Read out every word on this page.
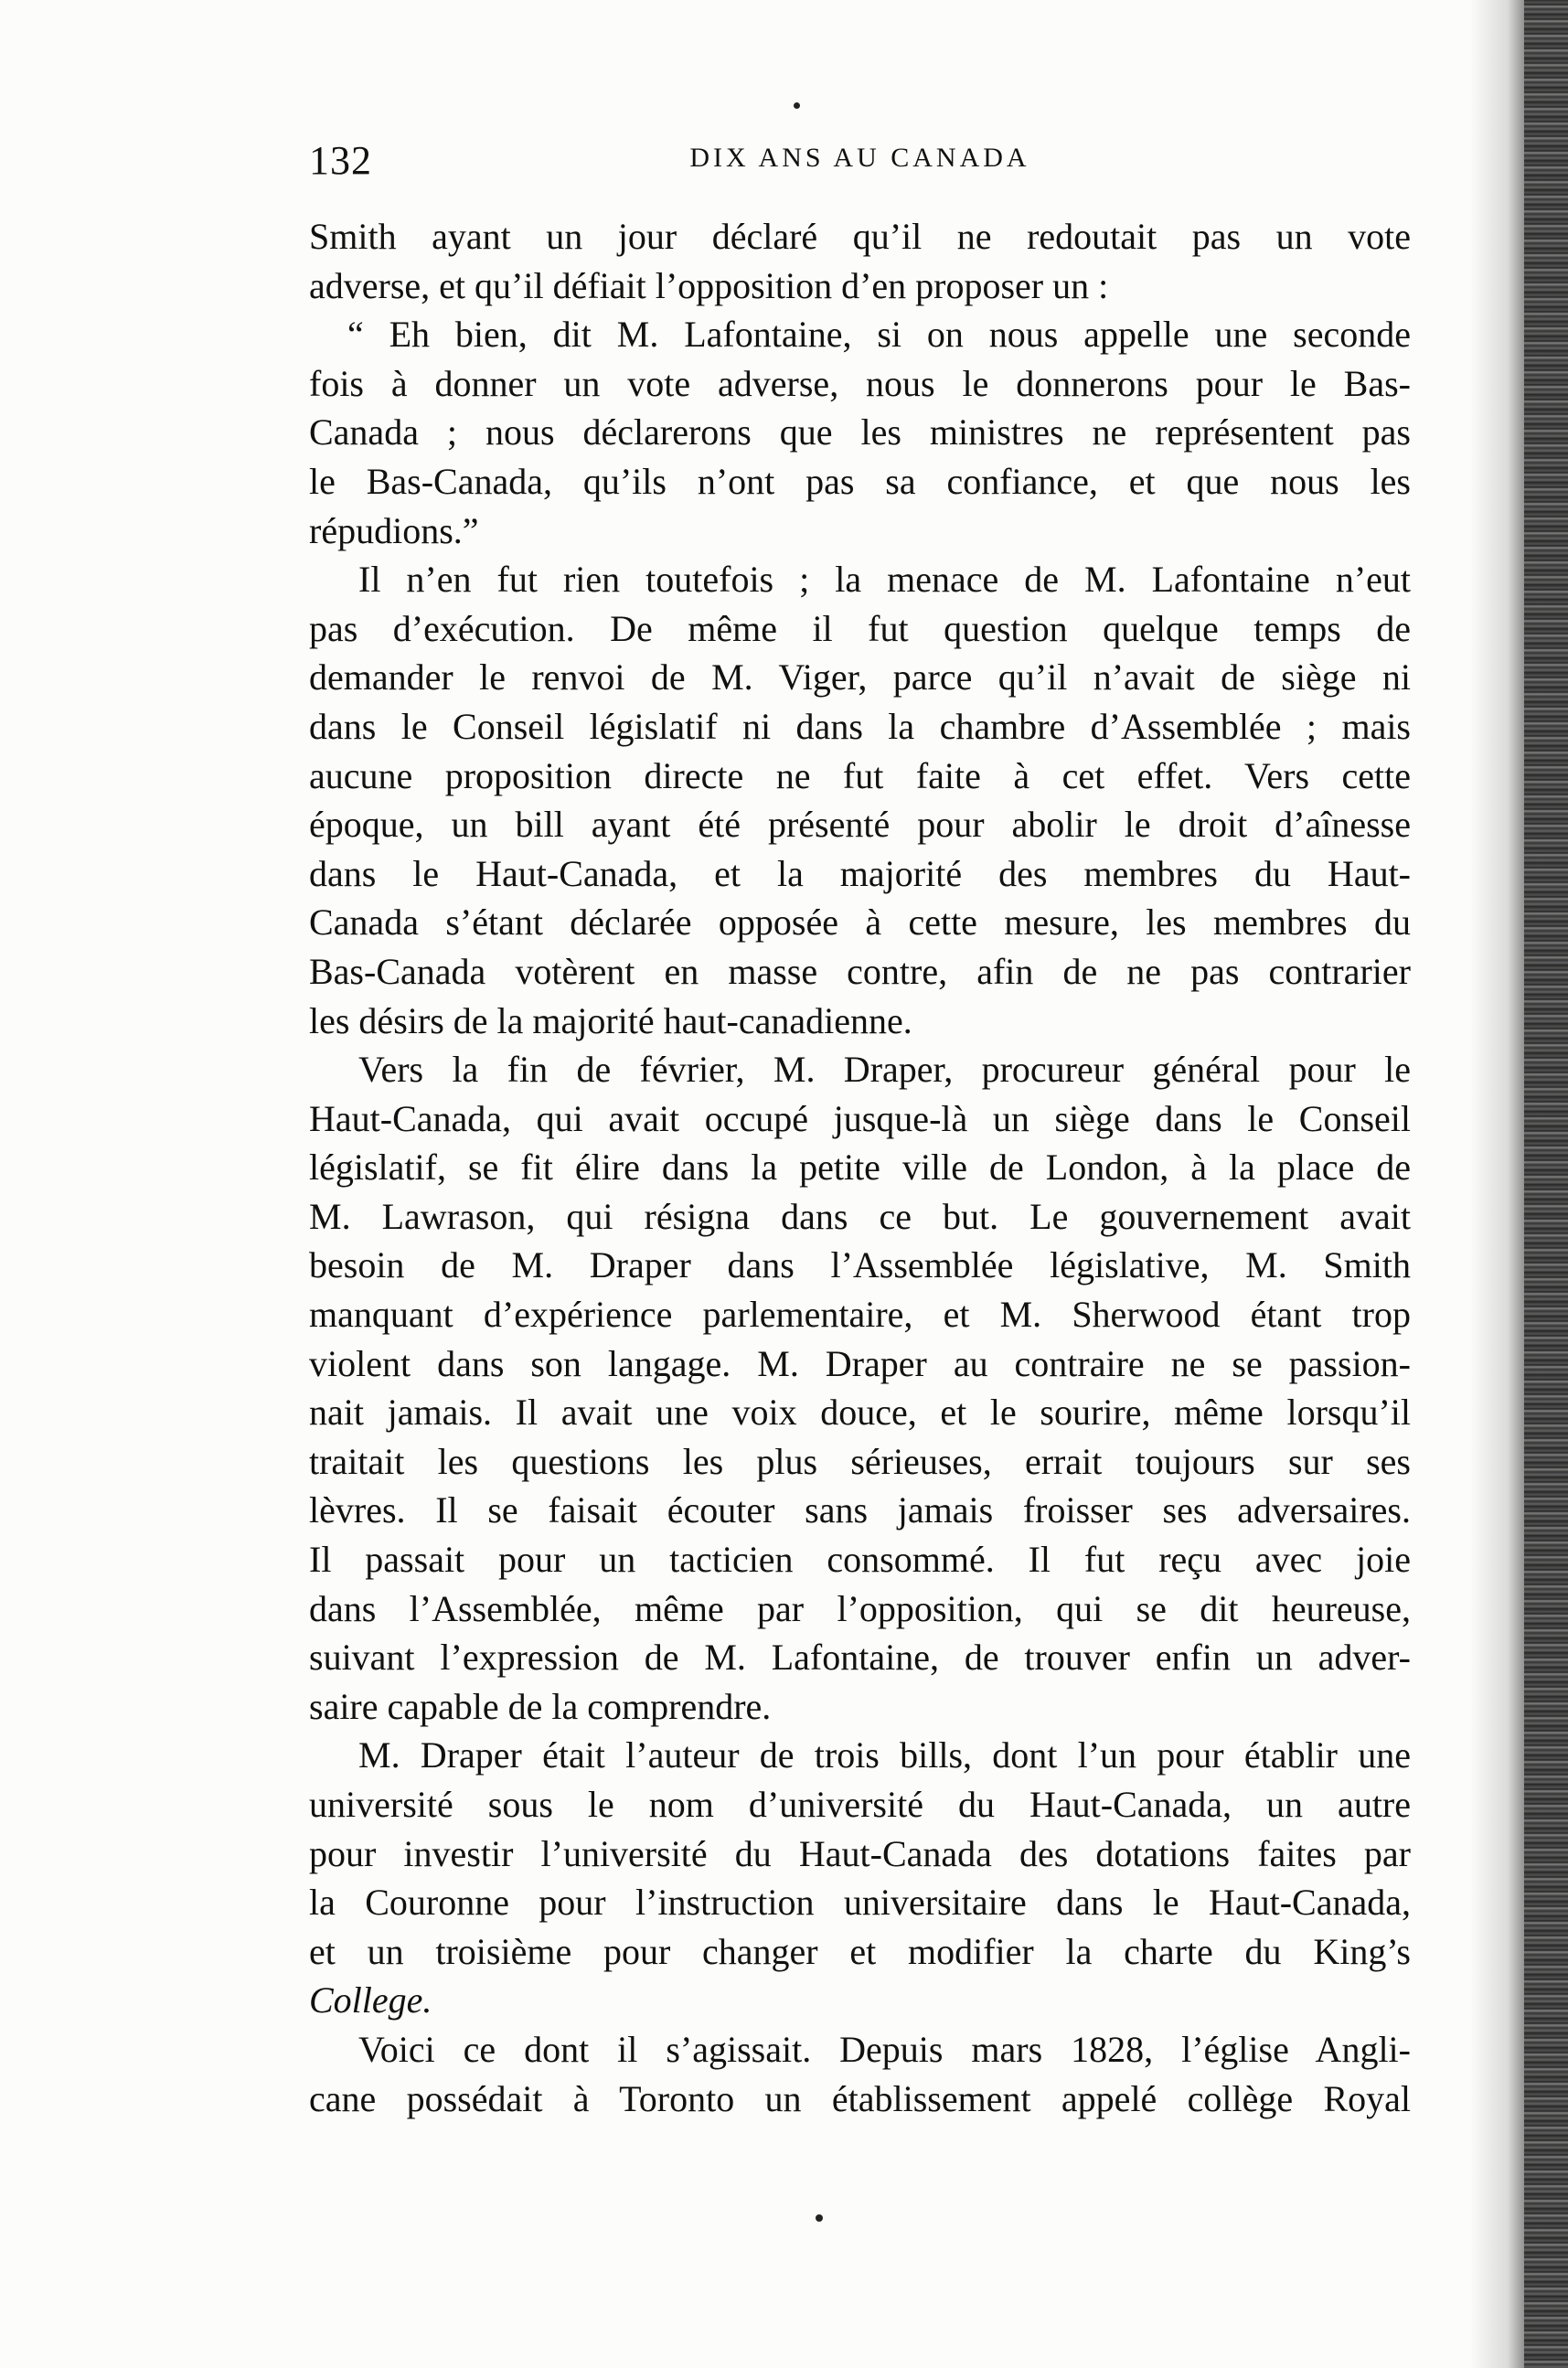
132	DIX ANS AU CANADA
Smith ayant un jour déclaré qu’il ne redoutait pas un vote
adverse, et qu’il défiait l’opposition d’en proposer un :
“ Eh bien, dit M. Lafontaine, si on nous appelle une seconde
fois à donner un vote adverse, nous le donnerons pour le Bas-
Canada ; nous déclarerons que les ministres ne représentent pas
le Bas-Canada, qu’ils n’ont pas sa confiance, et que nous les
répudions.”
Il n’en fut rien toutefois ; la menace de M. Lafontaine n’eut
pas d’exécution. De même il fut question quelque temps de
demander le renvoi de M. Viger, parce qu’il n’avait de siège ni
dans le Conseil législatif ni dans la chambre d’Assemblée ; mais
aucune proposition directe ne fut faite à cet effet. Vers cette
époque, un bill ayant été présenté pour abolir le droit d’aînesse
dans le Haut-Canada, et la majorité des membres du Haut-
Canada s’étant déclarée opposée à cette mesure, les membres du
Bas-Canada votèrent en masse contre, afin de ne pas contrarier
les désirs de la majorité haut-canadienne.
Vers la fin de février, M. Draper, procureur général pour le
Haut-Canada, qui avait occupé jusque-là un siège dans le Conseil
législatif, se fit élire dans la petite ville de London, à la place de
M. Lawrason, qui résigna dans ce but. Le gouvernement avait
besoin de M. Draper dans l’Assemblée législative, M. Smith
manquant d’expérience parlementaire, et M. Sherwood étant trop
violent dans son langage. M. Draper au contraire ne se passion-
nait jamais. Il avait une voix douce, et le sourire, même lorsqu’il
traitait les questions les plus sérieuses, errait toujours sur ses
lèvres. Il se faisait écouter sans jamais froisser ses adversaires.
Il passait pour un tacticien consommé. Il fut reçu avec joie
dans l’Assemblée, même par l’opposition, qui se dit heureuse,
suivant l’expression de M. Lafontaine, de trouver enfin un adver-
saire capable de la comprendre.
M. Draper était l’auteur de trois bills, dont l’un pour établir une
université sous le nom d’université du Haut-Canada, un autre
pour investir l’université du Haut-Canada des dotations faites par
la Couronne pour l’instruction universitaire dans le Haut-Canada,
et un troisième pour changer et modifier la charte du King’s
College.
Voici ce dont il s’agissait. Depuis mars 1828, l’église Angli-
cane possédait à Toronto un établissement appelé collège Royal
